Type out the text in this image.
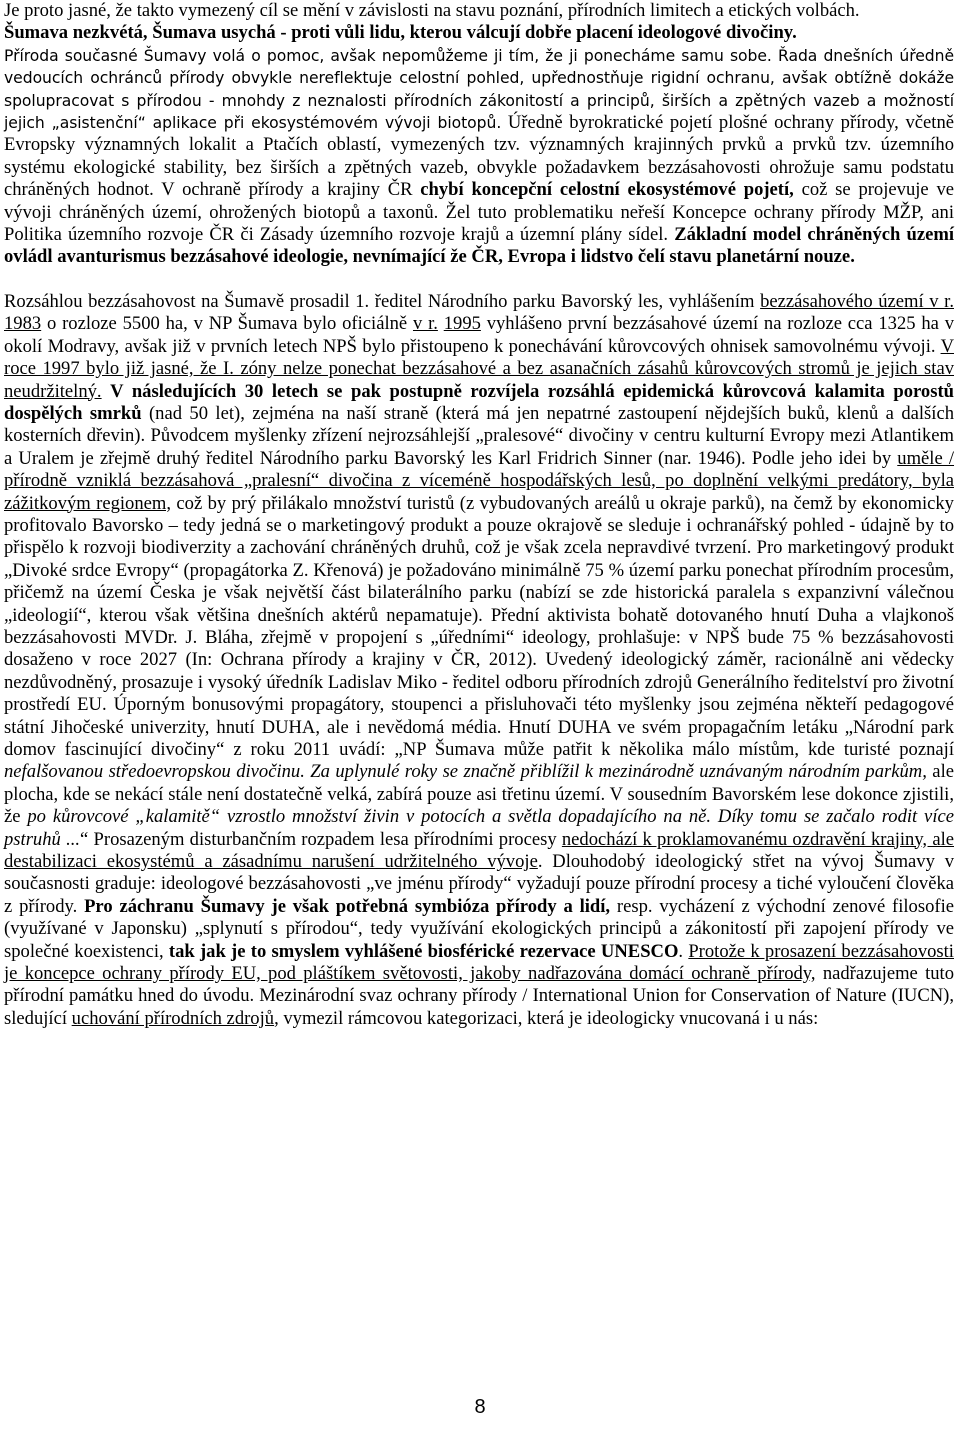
Je proto jasné, že takto vymezený cíl se mění v závislosti na stavu poznání, přírodních limitech a etických volbách.
Šumava nezkvétá, Šumava usychá - proti vůli lidu, kterou válcují dobře placení ideologové divočiny.
Příroda současné Šumavy volá o pomoc, avšak nepomůžeme ji tím, že ji ponecháme samu sobe. Řada dnešních úředně vedoucích ochránců přírody obvykle nereflektuje celostní pohled, upřednostňuje rigidní ochranu, avšak obtížně dokáže spolupracovat s přírodou - mnohdy z neznalosti přírodních zákonitostí a principů, širších a zpětných vazeb a možností jejich „asistenční“ aplikace při ekosystémovém vývoji biotopů. Úředně byrokratické pojetí plošné ochrany přírody, včetně Evropsky významných lokalit a Ptačích oblastí, vymezených tzv. významných krajinných prvků a prvků tzv. územního systému ekologické stability, bez širších a zpětných vazeb, obvykle požadavkem bezzásahovosti ohrožuje samu podstatu chráněných hodnot. V ochraně přírody a krajiny ČR chybí koncepční celostní ekosystémové pojetí, což se projevuje ve vývoji chráněných území, ohrožených biotopů a taxonů. Žel tuto problematiku neřeší Koncepce ochrany přírody MŽP, ani Politika územního rozvoje ČR či Zásady územního rozvoje krajů a územní plány sídel. Základní model chráněných území ovládl avanturismus bezzásahové ideologie, nevnímající že ČR, Evropa i lidstvo čelí stavu planetární nouze.

Rozsáhlou bezzásahovost na Šumavě prosadil 1. ředitel Národního parku Bavorský les, vyhlášením bezzásahového území v r. 1983 o rozloze 5500 ha, v NP Šumava bylo oficiálně v r. 1995 vyhlášeno první bezzásahové území na rozloze cca 1325 ha v okolí Modravy, avšak již v prvních letech NPŠ bylo přistoupeno k ponechávání kůrovcových ohnisek samovolnému vývoji. V roce 1997 bylo již jasné, že I. zóny nelze ponechat bezzásahové a bez asanačních zásahů kůrovcových stromů je jejich stav neudržitelný. V následujících 30 letech se pak postupně rozvíjela rozsáhlá epidemická kůrovcová kalamita porostů dospělých smrků (nad 50 let), zejména na naší straně (která má jen nepatrné zastoupení nějdejších buků, klenů a dalších kosterních dřevin). Původcem myšlenky zřízení nejrozsáhlejší „pralesové“ divočiny v centru kulturní Evropy mezi Atlantikem a Uralem je zřejmě druhý ředitel Národního parku Bavorský les Karl Fridrich Sinner (nar. 1946). Podle jeho idei by uměle / přírodně vzniklá bezzásahová „pralesní“ divočina z víceméně hospodářských lesů, po doplnění velkými predátory, byla zážitkovým regionem, což by prý přilákalo množství turistů (z vybudovaných areálů u okraje parků), na čemž by ekonomicky profitovalo Bavorsko – tedy jedná se o marketingový produkt a pouze okrajově se sleduje i ochranářský pohled - údajně by to přispělo k rozvoji biodiverzity a zachování chráněných druhů, což je však zcela nepravdivé tvrzení. Pro marketingový produkt „Divoké srdce Evropy“ (propagátorka Z. Křenová) je požadováno minimálně 75 % území parku ponechat přírodním procesům, přičemž na území Česka je však největší část bilaterálního parku (nabízí se zde historická paralela s expanzivní válečnou „ideologií“, kterou však většina dnešních aktérů nepamatuje). Přední aktivista bohatě dotovaného hnutí Duha a vlajkonoš bezzásahovosti MVDr. J. Bláha, zřejmě v propojení s „úředními“ ideology, prohlašuje: v NPŠ bude 75 % bezzásahovosti dosaženo v roce 2027 (In: Ochrana přírody a krajiny v ČR, 2012). Uvedený ideologický záměr, racionálně ani vědecky nezdůvodněný, prosazuje i vysoký úředník Ladislav Miko - ředitel odboru přírodních zdrojů Generálního ředitelství pro životní prostředí EU. Úporným bonusovými propagátory, stoupenci a přisluhovači této myšlenky jsou zejména někteří pedagogové státní Jihočeské univerzity, hnutí DUHA, ale i nevědomá média. Hnutí DUHA ve svém propagačním letáku „Národní park domov fascinující divočiny“ z roku 2011 uvádí: „NP Šumava může patřit k několika málo místům, kde turisté poznají nefalšovanou středoevropskou divočinu. Za uplynulé roky se značně přiblížil k mezinárodně uznávaným národním parkům, ale plocha, kde se nekácí stále není dostatečně velká, zabírá pouze asi třetinu území. V sousedním Bavorském lese dokonce zjistili, že po kůrovcové „kalamitě“ vzrostlo množství živin v potocích a světla dopadajícího na ně. Díky tomu se začalo rodit více pstruhů ...“ Prosazeným disturbančním rozpadem lesa přírodními procesy nedochází k proklamovanému ozdravění krajiny, ale destabilizaci ekosystémů a zásadnímu narušení udržitelného vývoje. Dlouhodobý ideologický střet na vývoj Šumavy v současnosti graduje: ideologové bezzásahovosti „ve jménu přírody“ vyžadují pouze přírodní procesy a tiché vyloučení člověka z přírody. Pro záchranu Šumavy je však potřebná symbióza přírody a lidí, resp. vycházení z východní zenové filosofie (využívané v Japonsku) „splynutí s přírodou“, tedy využívání ekologických principů a zákonitostí při zapojení přírody ve společné koexistenci, tak jak je to smyslem vyhlášené biosférické rezervace UNESCO. Protože k prosazení bezzásahovosti je koncepce ochrany přírody EU, pod pláštíkem světovosti, jakoby nadřazována domácí ochraně přírody, nadřazujeme tuto přírodní památku hned do úvodu. Mezinárodní svaz ochrany přírody / International Union for Conservation of Nature (IUCN), sledující uchování přírodních zdrojů, vymezil rámcovou kategorizaci, která je ideologicky vnucovaná i u nás:

8
